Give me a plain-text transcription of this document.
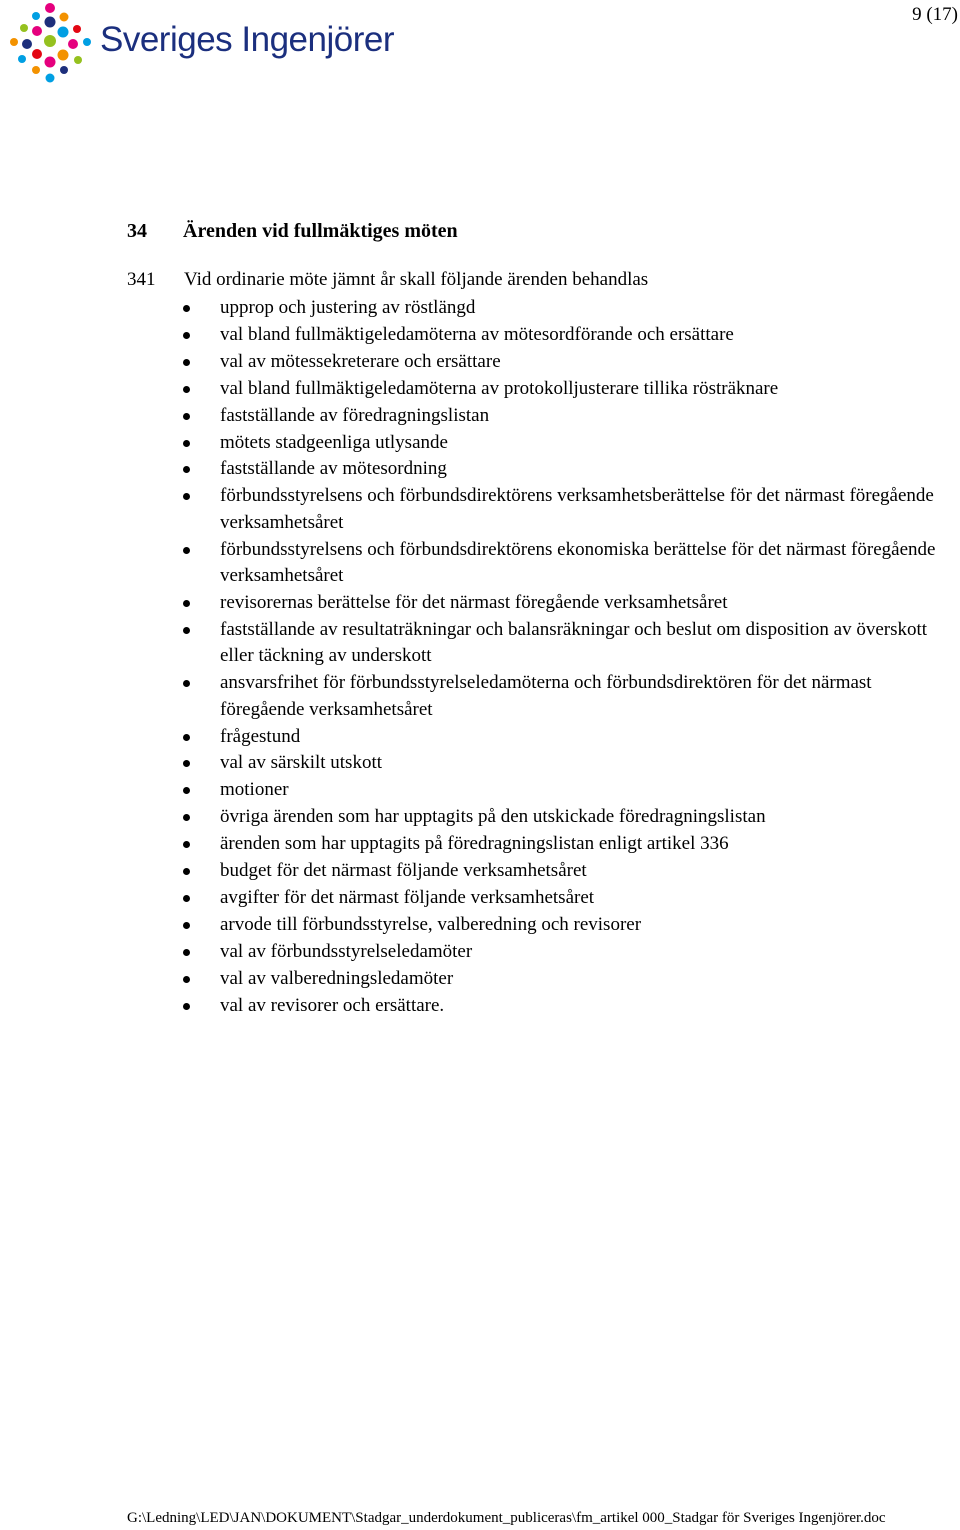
Sveriges Ingenjörer
9 (17)
34 Ärenden vid fullmäktiges möten
341 Vid ordinarie möte jämnt år skall följande ärenden behandlas
upprop och justering av röstlängd
val bland fullmäktigeledamöterna av mötesordförande och ersättare
val av mötessekreterare och ersättare
val bland fullmäktigeledamöterna av protokolljusterare tillika rösträknare
fastställande av föredragningslistan
mötets stadgeenliga utlysande
fastställande av mötesordning
förbundsstyrelsens och förbundsdirektörens verksamhetsberättelse för det närmast föregående verksamhetsåret
förbundsstyrelsens och förbundsdirektörens ekonomiska berättelse för det närmast föregående verksamhetsåret
revisorernas berättelse för det närmast föregående verksamhetsåret
fastställande av resultaträkningar och balansräkningar och beslut om disposition av överskott eller täckning av underskott
ansvarsfrihet för förbundsstyrelseledamöterna och förbundsdirektören för det närmast föregående verksamhetsåret
frågestund
val av särskilt utskott
motioner
övriga ärenden som har upptagits på den utskickade föredragningslistan
ärenden som har upptagits på föredragningslistan enligt artikel 336
budget för det närmast följande verksamhetsåret
avgifter för det närmast följande verksamhetsåret
arvode till förbundsstyrelse, valberedning och revisorer
val av förbundsstyrelseledamöter
val av valberedningsledamöter
val av revisorer och ersättare.
G:\Ledning\LED\JAN\DOKUMENT\Stadgar_underdokument_publiceras\fm_artikel 000_Stadgar för Sveriges Ingenjörer.doc
